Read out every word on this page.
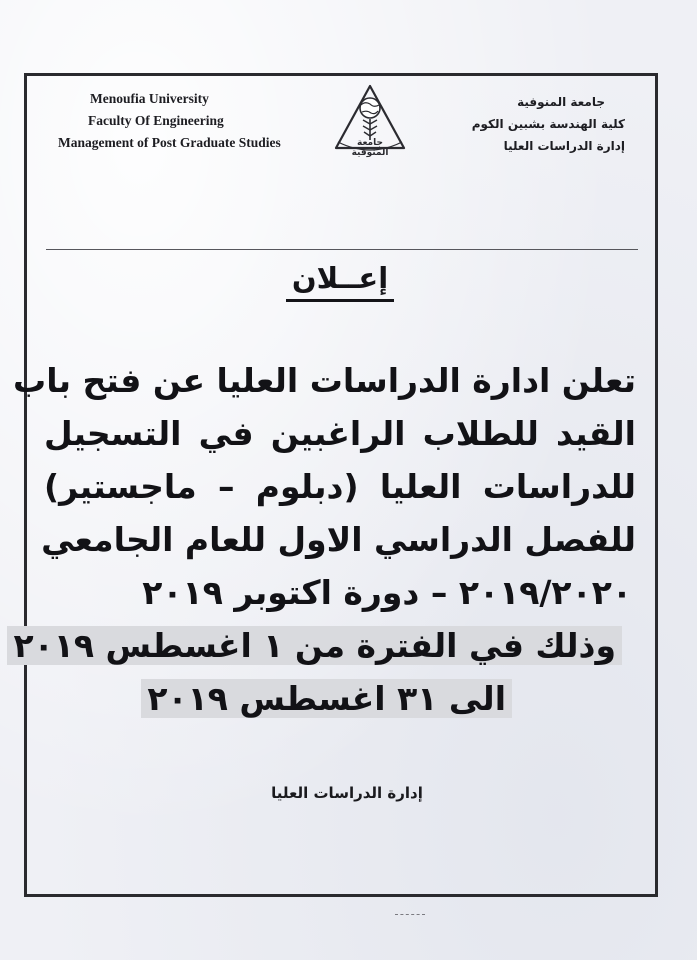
Menoufia University
Faculty Of Engineering
Management of Post Graduate Studies	جامعة المنوفية
جامعة المنوفية
كلية الهندسة بشبين الكوم
إدارة الدراسات العليا
إعــلان
تعلن ادارة الدراسات العليا عن فتح باب
القيد للطلاب الراغبين في التسجيل
للدراسات العليا (دبلوم – ماجستير)
للفصل الدراسي الاول للعام الجامعي
٢٠١٩/٢٠٢٠ – دورة اكتوبر ٢٠١٩
وذلك في الفترة من ١ اغسطس ٢٠١٩
الى ٣١ اغسطس ٢٠١٩
إدارة الدراسات العليا
